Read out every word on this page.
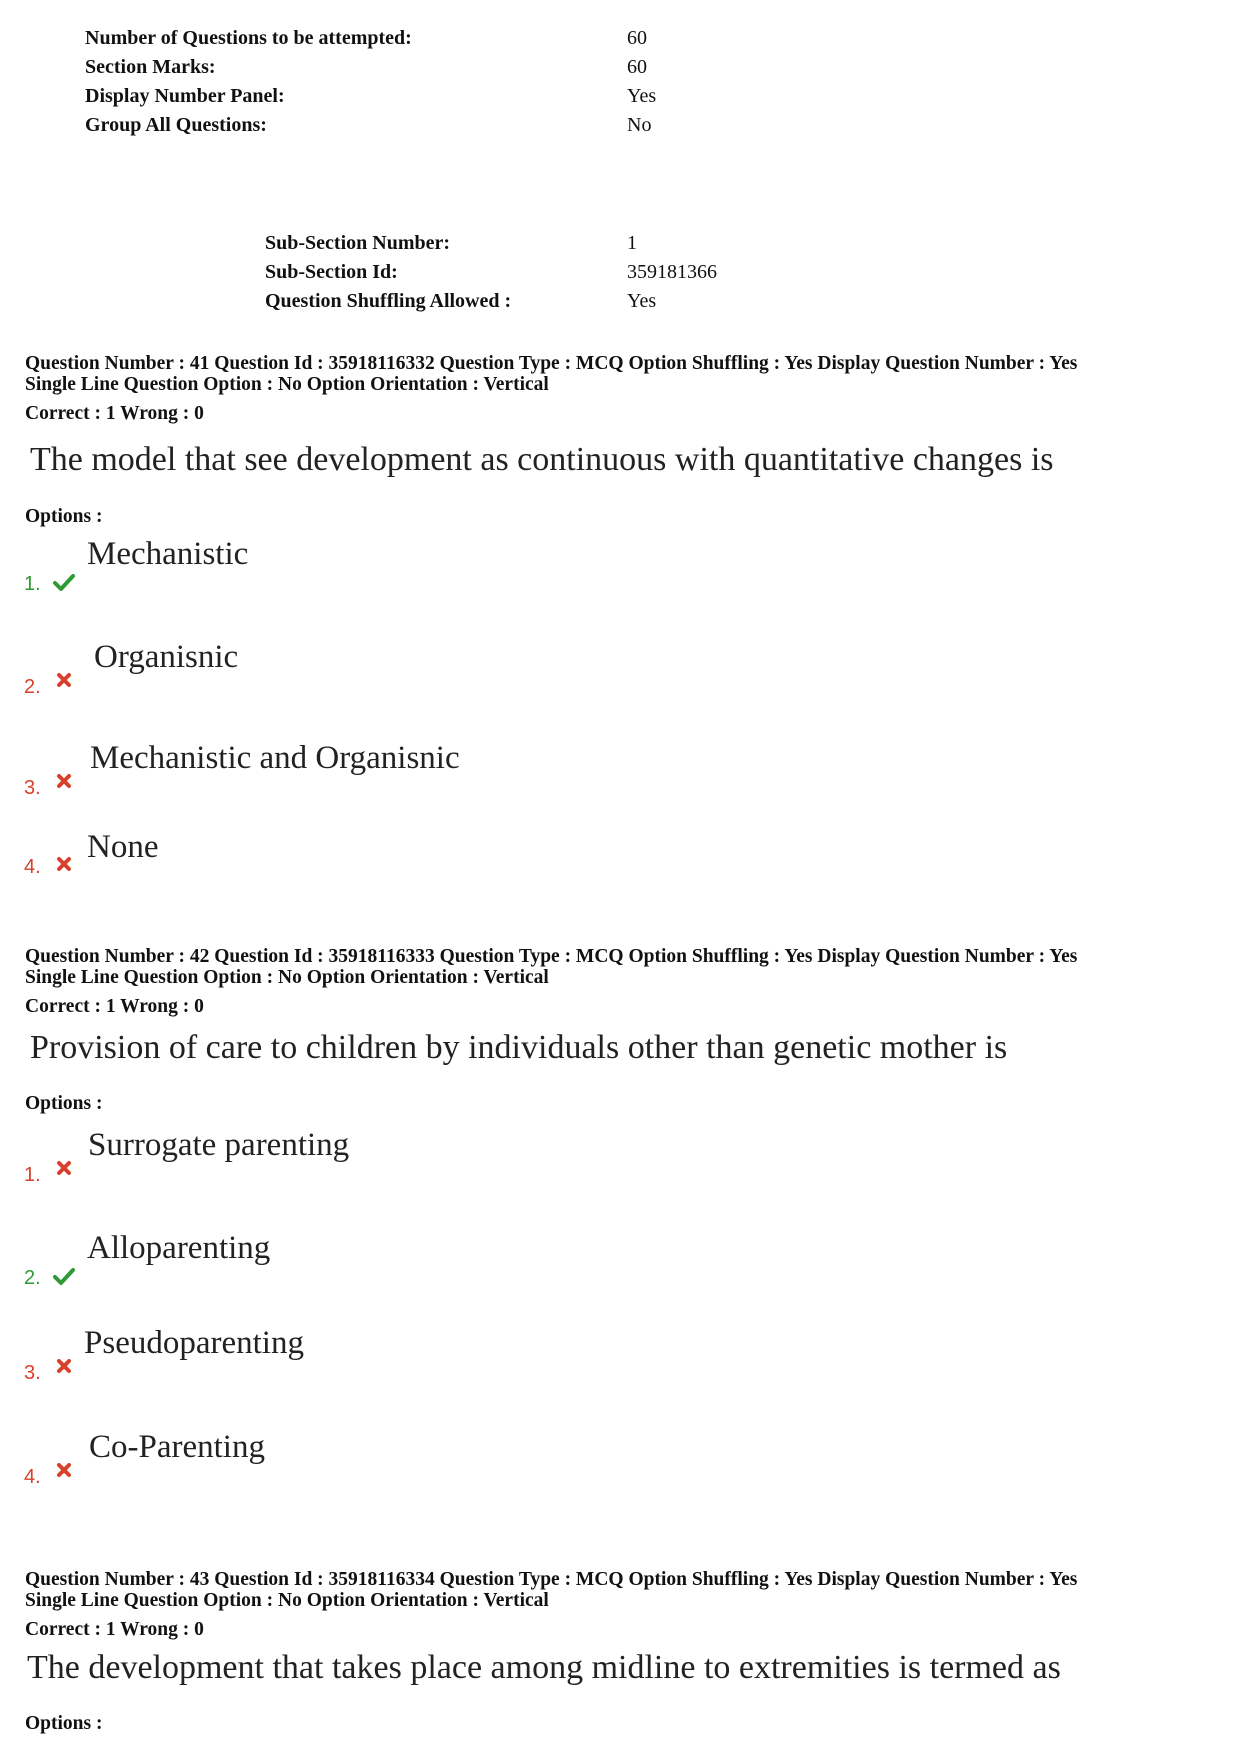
Number of Questions to be attempted:	60
Section Marks:	60
Display Number Panel:	Yes
Group All Questions:	No
Sub-Section Number:	1
Sub-Section Id:	359181366
Question Shuffling Allowed :	Yes
Question Number : 41 Question Id : 35918116332 Question Type : MCQ Option Shuffling : Yes Display Question Number : Yes
Single Line Question Option : No Option Orientation : Vertical
Correct : 1 Wrong : 0
The model that see development as continuous with quantitative changes is
Options :
1.
Mechanistic
2.
Organisnic
3.
Mechanistic and Organisnic
4.
None
Question Number : 42 Question Id : 35918116333 Question Type : MCQ Option Shuffling : Yes Display Question Number : Yes
Single Line Question Option : No Option Orientation : Vertical
Correct : 1 Wrong : 0
Provision of care to children by individuals other than genetic mother is
Options :
1.
Surrogate parenting
2.
Alloparenting
3.
Pseudoparenting
4.
Co-Parenting
Question Number : 43 Question Id : 35918116334 Question Type : MCQ Option Shuffling : Yes Display Question Number : Yes
Single Line Question Option : No Option Orientation : Vertical
Correct : 1 Wrong : 0
The development that takes place among midline to extremities is termed as
Options :
